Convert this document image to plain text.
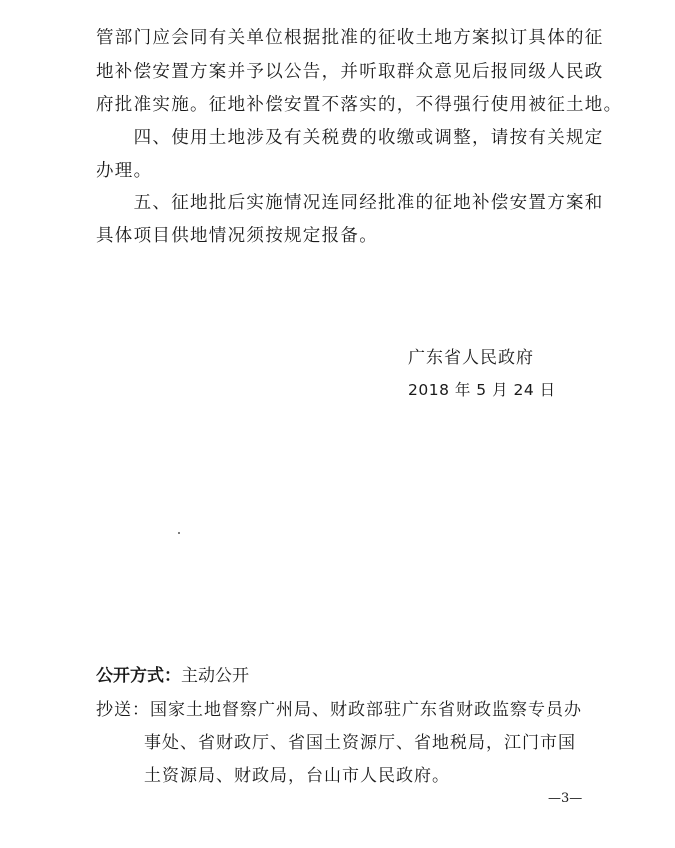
管部门应会同有关单位根据批准的征收土地方案拟订具体的征
地补偿安置方案并予以公告，并听取群众意见后报同级人民政
府批准实施。征地补偿安置不落实的，不得强行使用被征土地。
　　四、使用土地涉及有关税费的收缴或调整，请按有关规定
办理。
　　五、征地批后实施情况连同经批准的征地补偿安置方案和
具体项目供地情况须按规定报备。
广东省人民政府
2018 年 5 月 24 日
公开方式：主动公开
抄送：国家土地督察广州局、财政部驻广东省财政监察专员办
事处、省财政厅、省国土资源厅、省地税局，江门市国
土资源局、财政局，台山市人民政府。
—3—
